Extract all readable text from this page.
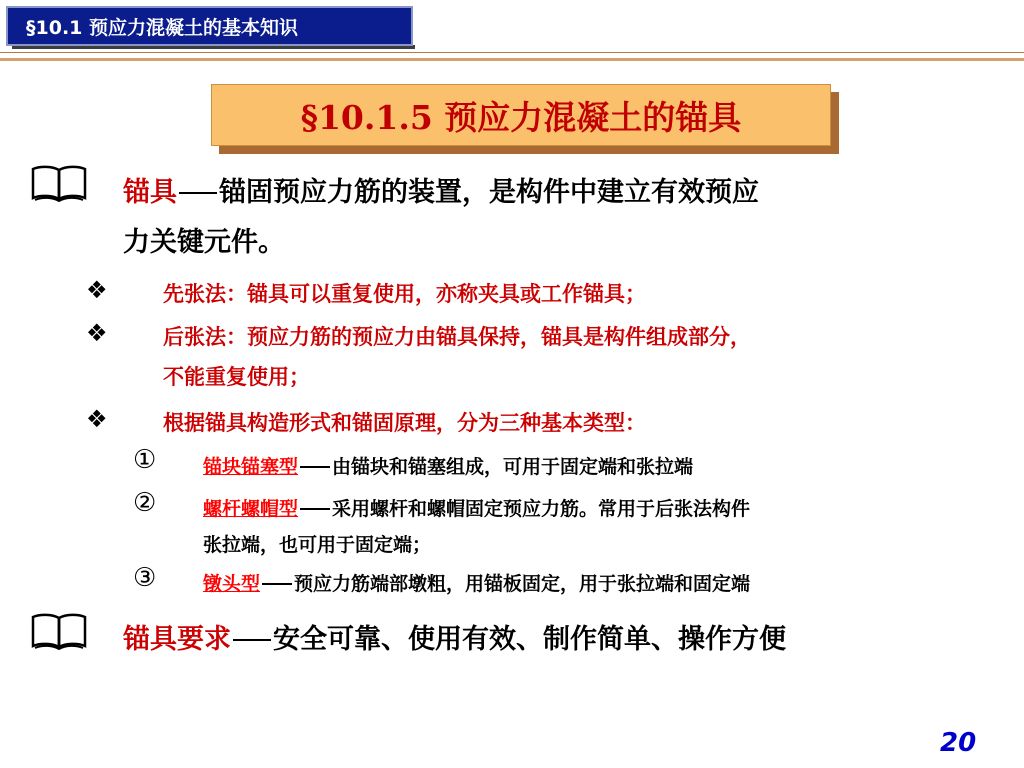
§10.1 预应力混凝土的基本知识
§10.1.5 预应力混凝土的锚具
锚具 锚固预应力筋的装置，是构件中建立有效预应
力关键元件。
❖	先张法：锚具可以重复使用，亦称夹具或工作锚具；
❖	后张法：预应力筋的预应力由锚具保持，锚具是构件组成部分，
不能重复使用；
❖	根据锚具构造形式和锚固原理，分为三种基本类型：
① 锚块锚塞型 由锚块和锚塞组成，可用于固定端和张拉端
② 螺杆螺帽型 采用螺杆和螺帽固定预应力筋。常用于后张法构件
张拉端，也可用于固定端；
③ 镦头型 预应力筋端部墩粗，用锚板固定，用于张拉端和固定端
锚具要求 安全可靠、使用有效、制作简单、操作方便
20
